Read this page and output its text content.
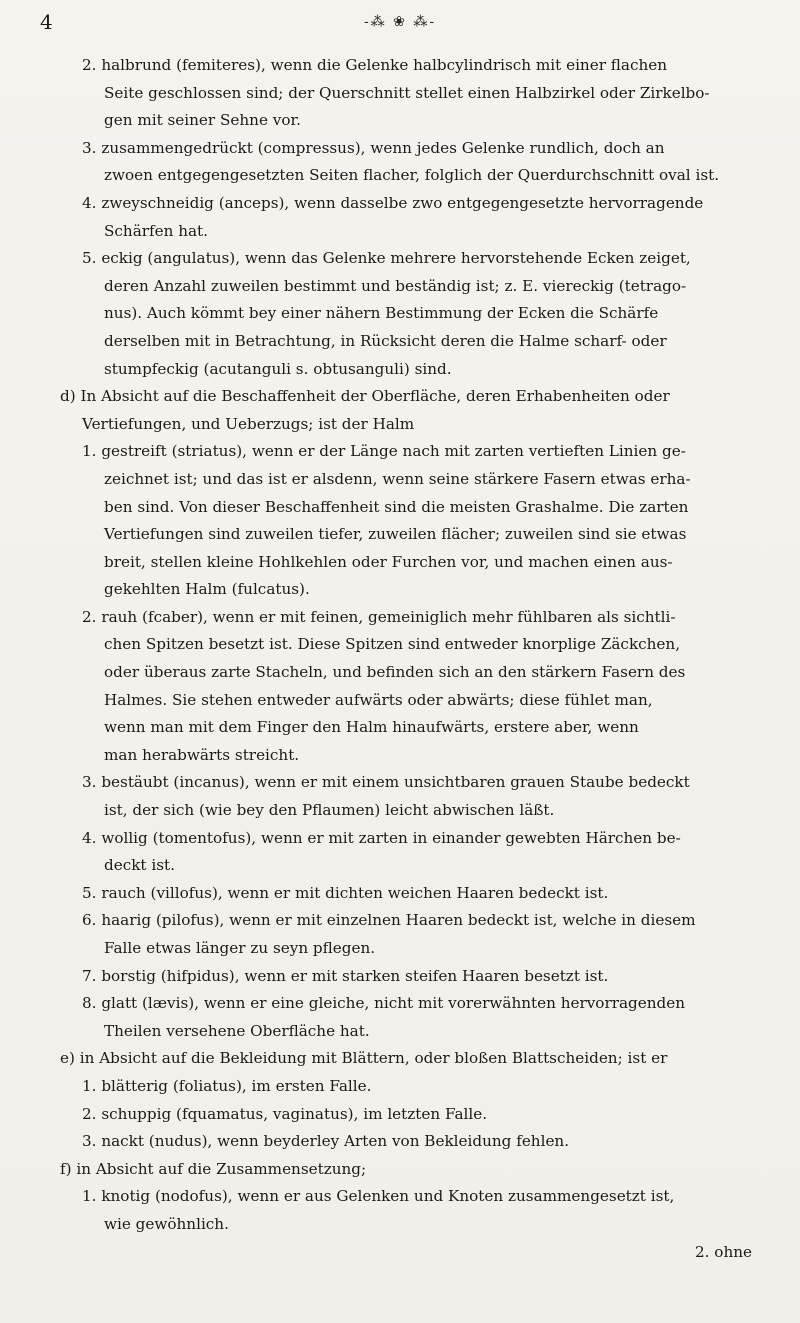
4	-⁂ ❀ ⁂-
2. halbrund (femiteres), wenn die Gelenke halbcylindrisch mit einer flachen
Seite geschlossen sind; der Querschnitt stellet einen Halbzirkel oder Zirkelbo-
gen mit seiner Sehne vor.
3. zusammengedrückt (compressus), wenn jedes Gelenke rundlich, doch an
zwoen entgegengesetzten Seiten flacher, folglich der Querdurchschnitt oval ist.
4. zweyschneidig (anceps), wenn dasselbe zwo entgegengesetzte hervorragende
Schärfen hat.
5. eckig (angulatus), wenn das Gelenke mehrere hervorstehende Ecken zeiget,
deren Anzahl zuweilen bestimmt und beständig ist; z. E. viereckig (tetrago-
nus). Auch kömmt bey einer nähern Bestimmung der Ecken die Schärfe
derselben mit in Betrachtung, in Rücksicht deren die Halme scharf- oder
stumpfeckig (acutanguli s. obtusanguli) sind.
d) In Absicht auf die Beschaffenheit der Oberfläche, deren Erhabenheiten oder
Vertiefungen, und Ueberzugs; ist der Halm
1. gestreift (striatus), wenn er der Länge nach mit zarten vertieften Linien ge-
zeichnet ist; und das ist er alsdenn, wenn seine stärkere Fasern etwas erha-
ben sind. Von dieser Beschaffenheit sind die meisten Grashalme. Die zarten
Vertiefungen sind zuweilen tiefer, zuweilen flächer; zuweilen sind sie etwas
breit, stellen kleine Hohlkehlen oder Furchen vor, und machen einen aus-
gekehlten Halm (fulcatus).
2. rauh (fcaber), wenn er mit feinen, gemeiniglich mehr fühlbaren als sichtli-
chen Spitzen besetzt ist. Diese Spitzen sind entweder knorplige Zäckchen,
oder überaus zarte Stacheln, und befinden sich an den stärkern Fasern des
Halmes. Sie stehen entweder aufwärts oder abwärts; diese fühlet man,
wenn man mit dem Finger den Halm hinaufwärts, erstere aber, wenn
man herabwärts streicht.
3. bestäubt (incanus), wenn er mit einem unsichtbaren grauen Staube bedeckt
ist, der sich (wie bey den Pflaumen) leicht abwischen läßt.
4. wollig (tomentofus), wenn er mit zarten in einander gewebten Härchen be-
deckt ist.
5. rauch (villofus), wenn er mit dichten weichen Haaren bedeckt ist.
6. haarig (pilofus), wenn er mit einzelnen Haaren bedeckt ist, welche in diesem
Falle etwas länger zu seyn pflegen.
7. borstig (hifpidus), wenn er mit starken steifen Haaren besetzt ist.
8. glatt (lævis), wenn er eine gleiche, nicht mit vorerwähnten hervorragenden
Theilen versehene Oberfläche hat.
e) in Absicht auf die Bekleidung mit Blättern, oder bloßen Blattscheiden; ist er
1. blätterig (foliatus), im ersten Falle.
2. schuppig (fquamatus, vaginatus), im letzten Falle.
3. nackt (nudus), wenn beyderley Arten von Bekleidung fehlen.
f) in Absicht auf die Zusammensetzung;
1. knotig (nodofus), wenn er aus Gelenken und Knoten zusammengesetzt ist,
wie gewöhnlich.
2. ohne
